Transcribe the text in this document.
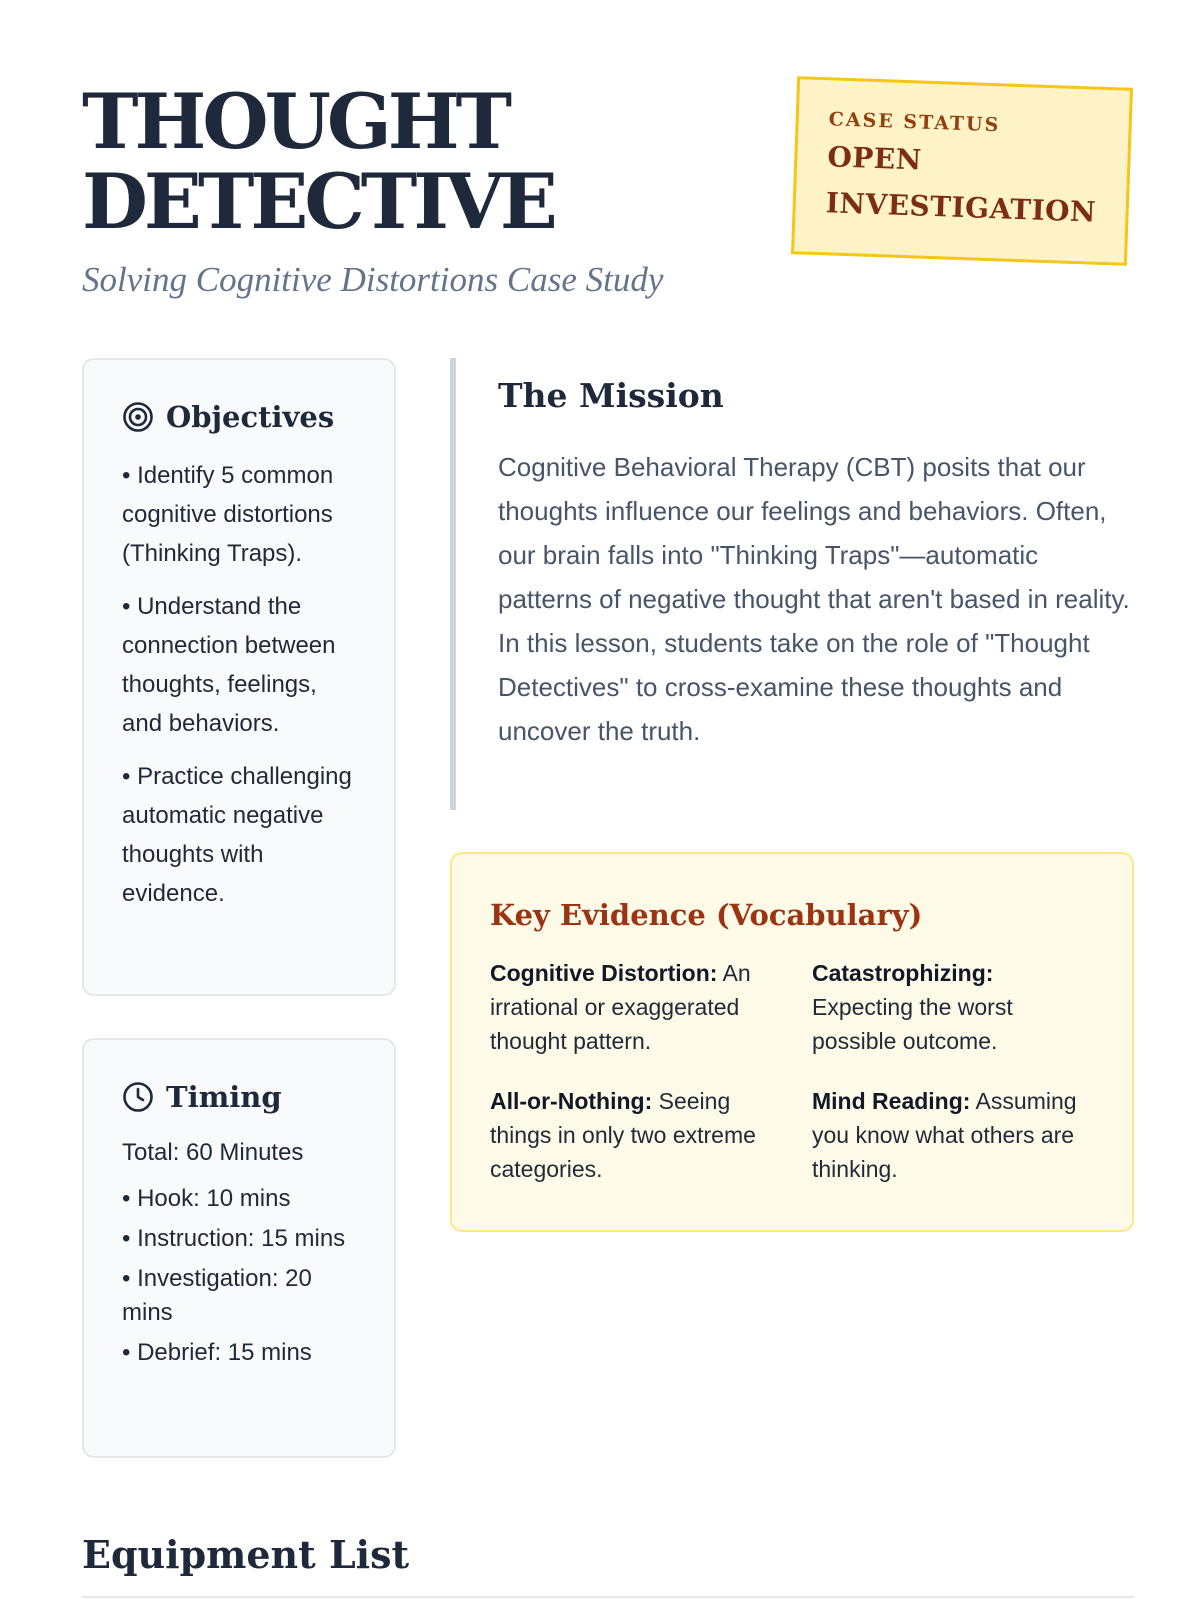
THOUGHT
DETECTIVE
Solving Cognitive Distortions Case Study
CASE STATUS
OPEN
INVESTIGATION
Objectives
• Identify 5 common cognitive distortions (Thinking Traps).
• Understand the connection between thoughts, feelings, and behaviors.
• Practice challenging automatic negative thoughts with evidence.
Timing
Total: 60 Minutes
• Hook: 10 mins
• Instruction: 15 mins
• Investigation: 20 mins
• Debrief: 15 mins
The Mission

Cognitive Behavioral Therapy (CBT) posits that our thoughts influence our feelings and behaviors. Often, our brain falls into "Thinking Traps"—automatic patterns of negative thought that aren't based in reality. In this lesson, students take on the role of "Thought Detectives" to cross-examine these thoughts and uncover the truth.

Key Evidence (Vocabulary)

Cognitive Distortion: An irrational or exaggerated thought pattern.

Catastrophizing: Expecting the worst possible outcome.

All-or-Nothing: Seeing things in only two extreme categories.

Mind Reading: Assuming you know what others are thinking.

Equipment List
